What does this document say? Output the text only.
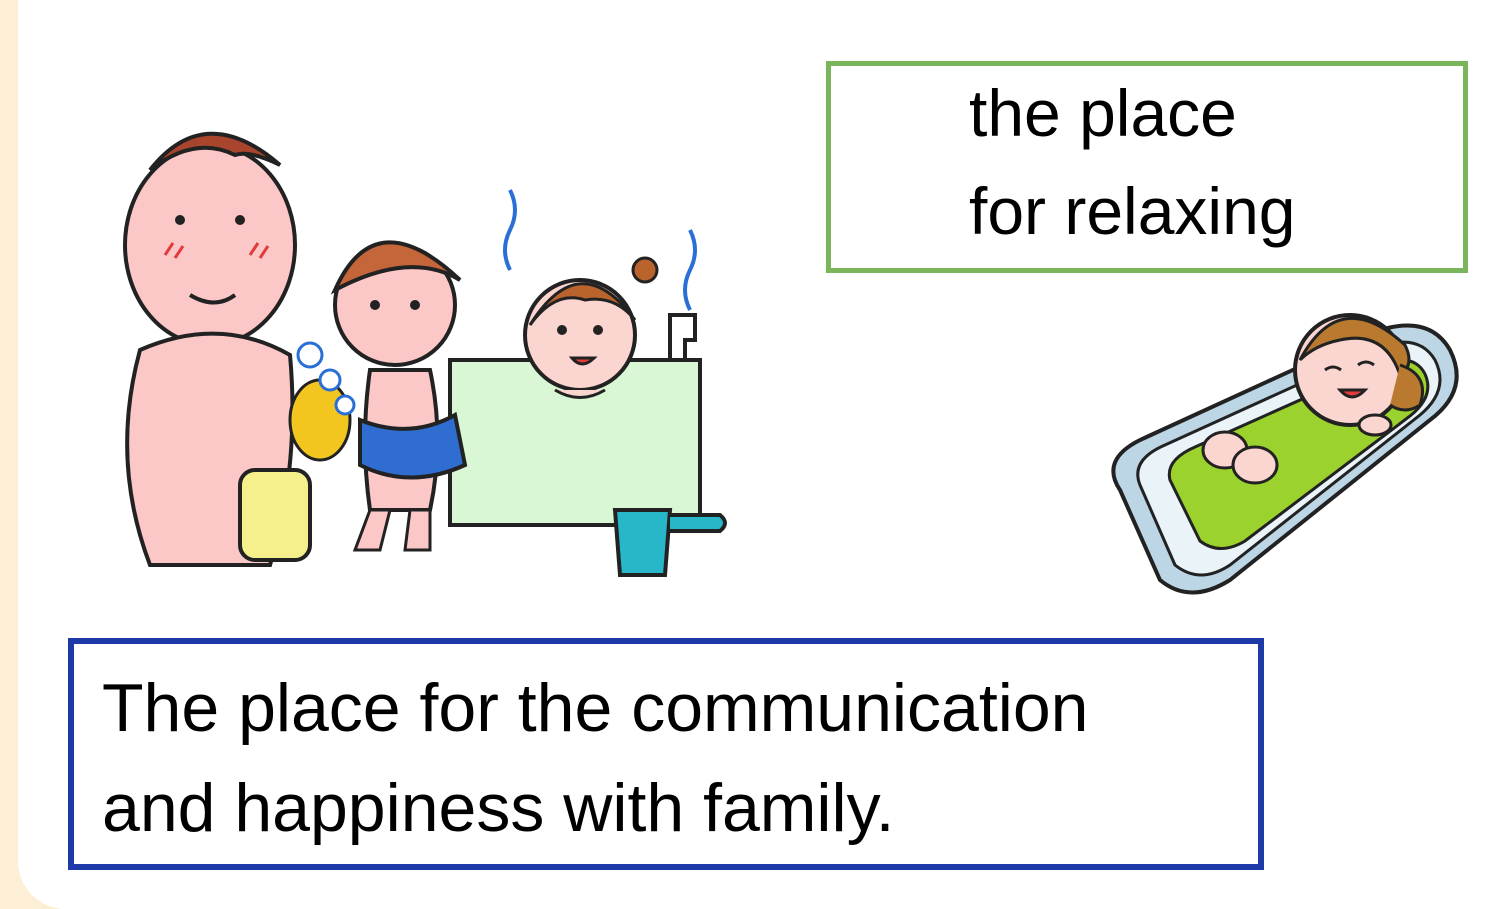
the place
for relaxing
The place for the communication
and happiness with family.
